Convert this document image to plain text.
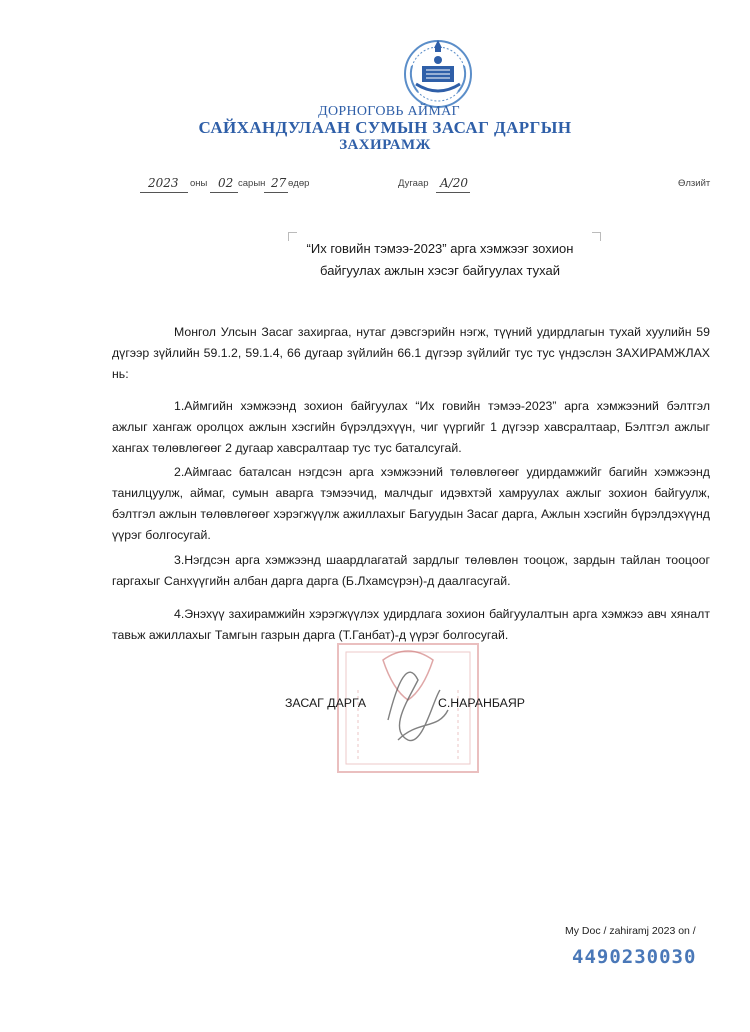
ДОРНОГОВЬ АЙМАГ
САЙХАНДУЛААН СУМЫН ЗАСАГ ДАРГЫН
ЗАХИРАМЖ
2023 оны 02 сарын 27 өдөр	Дугаар A/20	Өлзийт
“Их говийн тэмээ-2023” арга хэмжээг зохион
байгуулах ажлын хэсэг байгуулах тухай
Монгол Улсын Засаг захиргаа, нутаг дэвсгэрийн нэгж, түүний удирдлагын тухай хуулийн 59 дүгээр зүйлийн 59.1.2, 59.1.4, 66 дугаар зүйлийн 66.1 дүгээр зүйлийг тус тус үндэслэн ЗАХИРАМЖЛАХ нь:
1.Аймгийн хэмжээнд зохион байгуулах “Их говийн тэмээ-2023” арга хэмжээний бэлтгэл ажлыг хангаж оролцох ажлын хэсгийн бүрэлдэхүүн, чиг үүргийг 1 дүгээр хавсралтаар, Бэлтгэл ажлыг хангах төлөвлөгөөг 2 дугаар хавсралтаар тус тус баталсугай.
2.Аймгаас баталсан нэгдсэн арга хэмжээний төлөвлөгөөг удирдамжийг багийн хэмжээнд танилцуулж, аймаг, сумын аварга тэмээчид, малчдыг идэвхтэй хамруулах ажлыг зохион байгуулж, бэлтгэл ажлын төлөвлөгөөг хэрэгжүүлж ажиллахыг Багуудын Засаг дарга, Ажлын хэсгийн бүрэлдэхүүнд үүрэг болгосугай.
3.Нэгдсэн арга хэмжээнд шаардлагатай зардлыг төлөвлөн тооцож, зардын тайлан тооцоог гаргахыг Санхүүгийн албан дарга дарга (Б.Лхамсүрэн)-д даалгасугай.
4.Энэхүү захирамжийн хэрэгжүүлэх удирдлага зохион байгуулалтын арга хэмжээ авч хяналт тавьж ажиллахыг Тамгын газрын дарга (Т.Ганбат)-д үүрэг болгосугай.
ЗАСАГ ДАРГА	С.НАРАНБАЯР
My Doc / zahiramj 2023 on /
4490230030
